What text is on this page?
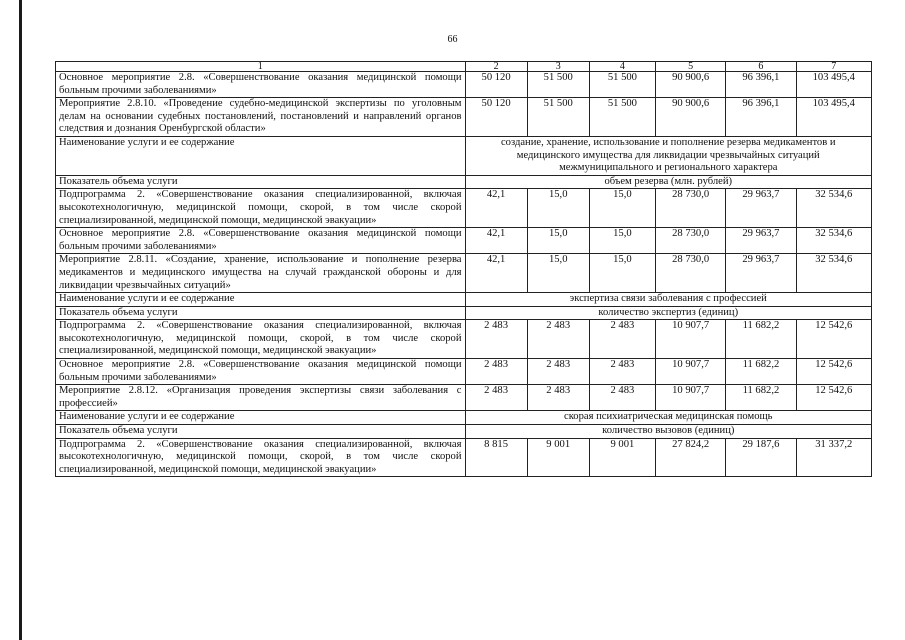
66
1	2	3	4	5	6	7
Основное мероприятие 2.8. «Совершенствование оказания медицинской помощи больным прочими заболеваниями»	50 120	51 500	51 500	90 900,6	96 396,1	103 495,4
Мероприятие 2.8.10. «Проведение судебно-медицинской экспертизы по уголовным делам на основании судебных постановлений, постановлений и направлений органов следствия и дознания Оренбургской области»	50 120	51 500	51 500	90 900,6	96 396,1	103 495,4
Наименование услуги и ее содержание	создание, хранение, использование и пополнение резерва медикаментов и медицинского имущества для ликвидации чрезвычайных ситуаций межмуниципального и регионального характера					
Показатель объема услуги	объем резерва (млн. рублей)					
Подпрограмма 2. «Совершенствование оказания специализированной, включая высокотехнологичную, медицинской помощи, скорой, в том числе скорой специализированной, медицинской помощи, медицинской эвакуации»	42,1	15,0	15,0	28 730,0	29 963,7	32 534,6
Основное мероприятие 2.8. «Совершенствование оказания медицинской помощи больным прочими заболеваниями»	42,1	15,0	15,0	28 730,0	29 963,7	32 534,6
Мероприятие 2.8.11. «Создание, хранение, использование и пополнение резерва медикаментов и медицинского имущества на случай гражданской обороны и для ликвидации чрезвычайных ситуаций»	42,1	15,0	15,0	28 730,0	29 963,7	32 534,6
Наименование услуги и ее содержание	экспертиза связи заболевания с профессией					
Показатель объема услуги	количество экспертиз (единиц)					
Подпрограмма 2. «Совершенствование оказания специализированной, включая высокотехнологичную, медицинской помощи, скорой, в том числе скорой специализированной, медицинской помощи, медицинской эвакуации»	2 483	2 483	2 483	10 907,7	11 682,2	12 542,6
Основное мероприятие 2.8. «Совершенствование оказания медицинской помощи больным прочими заболеваниями»	2 483	2 483	2 483	10 907,7	11 682,2	12 542,6
Мероприятие 2.8.12. «Организация проведения экспертизы связи заболевания с профессией»	2 483	2 483	2 483	10 907,7	11 682,2	12 542,6
Наименование услуги и ее содержание	скорая психиатрическая медицинская помощь					
Показатель объема услуги	количество вызовов (единиц)					
Подпрограмма 2. «Совершенствование оказания специализированной, включая высокотехнологичную, медицинской помощи, скорой, в том числе скорой специализированной, медицинской помощи, медицинской эвакуации»	8 815	9 001	9 001	27 824,2	29 187,6	31 337,2
